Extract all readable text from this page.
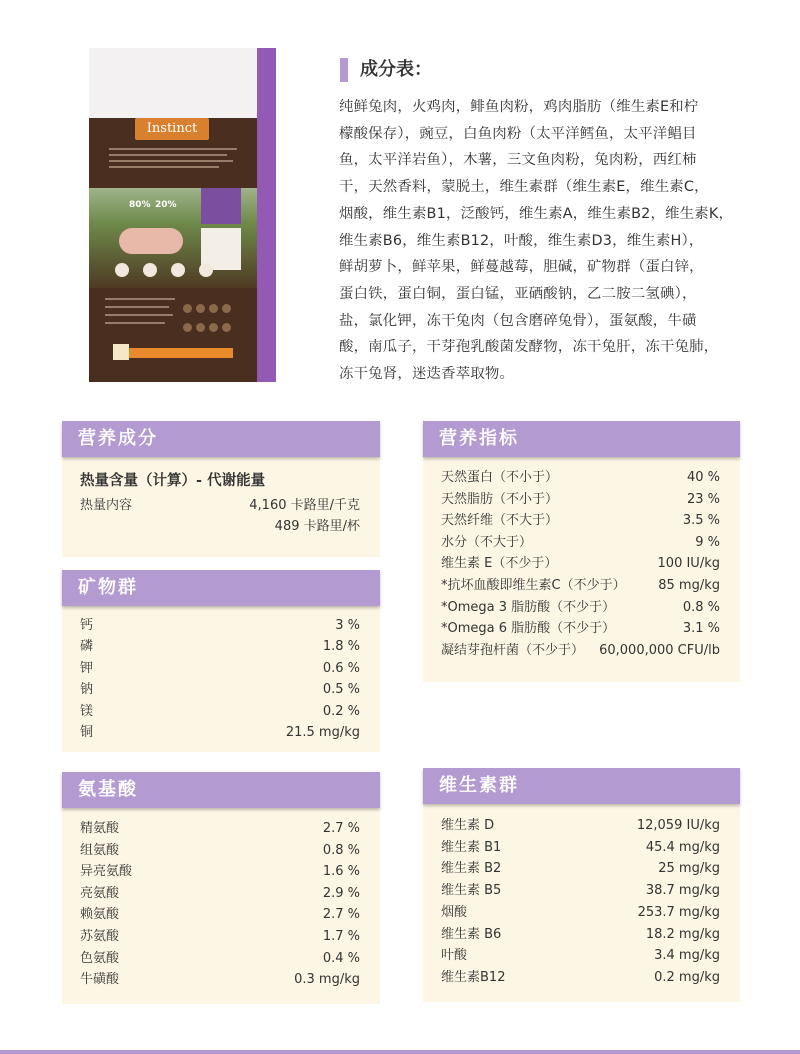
Instinct
80% 20%
成分表：
纯鲜兔肉，火鸡肉，鲱鱼肉粉，鸡肉脂肪（维生素E和柠
檬酸保存），豌豆，白鱼肉粉（太平洋鳕鱼，太平洋鲳目
鱼，太平洋岩鱼），木薯，三文鱼肉粉，兔肉粉，西红柿
干，天然香料，蒙脱土，维生素群（维生素E，维生素C，
烟酸，维生素B1，泛酸钙，维生素A，维生素B2，维生素K，
维生素B6，维生素B12，叶酸，维生素D3，维生素H），
鲜胡萝卜，鲜苹果，鲜蔓越莓，胆碱，矿物群（蛋白锌，
蛋白铁，蛋白铜，蛋白锰，亚硒酸钠，乙二胺二氢碘），
盐，氯化钾，冻干兔肉（包含磨碎兔骨），蛋氨酸，牛磺
酸，南瓜子，干芽孢乳酸菌发酵物，冻干兔肝，冻干兔肺，
冻干兔肾，迷迭香萃取物。
营养成分
热量含量（计算）- 代谢能量
热量内容	4,160 卡路里/千克
489 卡路里/杯
营养指标
天然蛋白（不小于）	40 %
天然脂肪（不小于）	23 %
天然纤维（不大于）	3.5 %
水分（不大于）	9 %
维生素 E（不少于）	100 IU/kg
*抗坏血酸即维生素C（不少于）	85 mg/kg
*Omega 3 脂肪酸（不少于）	0.8 %
*Omega 6 脂肪酸（不少于）	3.1 %
凝结芽孢杆菌（不少于） 60,000,000 CFU/lb
矿物群
钙	3 %
磷	1.8 %
钾	0.6 %
钠	0.5 %
镁	0.2 %
铜	21.5 mg/kg
氨基酸
精氨酸	2.7 %
组氨酸	0.8 %
异亮氨酸	1.6 %
亮氨酸	2.9 %
赖氨酸	2.7 %
苏氨酸	1.7 %
色氨酸	0.4 %
牛磺酸	0.3 mg/kg
维生素群
维生素 D	12,059 IU/kg
维生素 B1	45.4 mg/kg
维生素 B2	25 mg/kg
维生素 B5	38.7 mg/kg
烟酸	253.7 mg/kg
维生素 B6	18.2 mg/kg
叶酸	3.4 mg/kg
维生素B12	0.2 mg/kg
